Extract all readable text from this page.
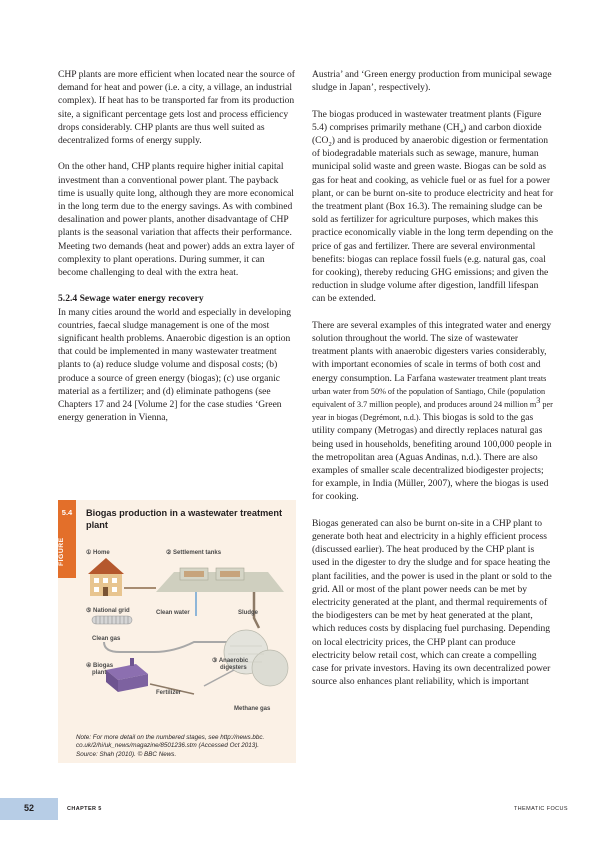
CHP plants are more efficient when located near the source of demand for heat and power (i.e. a city, a village, an industrial complex). If heat has to be transported far from its production site, a significant percentage gets lost and process efficiency drops considerably. CHP plants are thus well suited as decentralized forms of energy supply.

On the other hand, CHP plants require higher initial capital investment than a conventional power plant. The payback time is usually quite long, although they are more economical in the long term due to the energy savings. As with combined desalination and power plants, another disadvantage of CHP plants is the seasonal variation that affects their performance. Meeting two demands (heat and power) adds an extra layer of complexity to plant operations. During summer, it can become challenging to deal with the extra heat.

5.2.4 Sewage water energy recovery

In many cities around the world and especially in developing countries, faecal sludge management is one of the most significant health problems. Anaerobic digestion is an option that could be implemented in many wastewater treatment plants to (a) reduce sludge volume and disposal costs; (b) produce a source of green energy (biogas); (c) use organic material as a fertilizer; and (d) eliminate pathogens (see Chapters 17 and 24 [Volume 2] for the case studies ‘Green energy generation in Vienna,

5.4
FIGURE
Biogas production in a wastewater treatment plant
① Home	② Settlement tanks
⑤ National grid	Clean water	Sludge
Clean gas
③ Anaerobic
digesters
④ Biogas
plant
Fertilizer
Methane gas
Note: For more detail on the numbered stages, see http://news.bbc.
co.uk/2/hi/uk_news/magazine/8501236.stm (Accessed Oct 2013).
Source: Shah (2010). © BBC News.

Austria’ and ‘Green energy production from municipal sewage sludge in Japan’, respectively).

The biogas produced in wastewater treatment plants (Figure 5.4) comprises primarily methane $(CH_4)$ and carbon dioxide $(CO_2)$ and is produced by anaerobic digestion or fermentation of biodegradable materials such as sewage, manure, human municipal solid waste and green waste. Biogas can be sold as gas for heat and cooking, as vehicle fuel or as fuel for a power plant, or can be burnt on-site to produce electricity and heat for the treatment plant (Box 16.3). The remaining sludge can be sold as fertilizer for agriculture purposes, which makes this practice economically viable in the long term depending on the price of gas and fertilizer. There are several environmental benefits: biogas can replace fossil fuels (e.g. natural gas, coal for cooking), thereby reducing GHG emissions; and given the reduction in sludge volume after digestion, landfill lifespan can be extended.

There are several examples of this integrated water and energy solution throughout the world. The size of wastewater treatment plants with anaerobic digesters varies considerably, with important economies of scale in terms of both cost and energy consumption. La Farfana wastewater treatment plant treats urban water from 50% of the population of Santiago, Chile (population equivalent of 3.7 million people), and produces around 24 million $m^3$ per year in biogas (Degrémont, n.d.). This biogas is sold to the gas utility company (Metrogas) and directly replaces natural gas being used in households, benefiting around 100,000 people in the metropolitan area (Aguas Andinas, n.d.). There are also examples of smaller scale decentralized biodigester projects; for example, in India (Müller, 2007), where the biogas is used for cooking.

Biogas generated can also be burnt on-site in a CHP plant to generate both heat and electricity in a highly efficient process (discussed earlier). The heat produced by the CHP plant is used in the digester to dry the sludge and for space heating the plant facilities, and the power is used in the plant or sold to the grid. All or most of the plant power needs can be met by electricity generated at the plant, and thermal requirements of the biodigesters can be met by heat generated at the plant, which reduces costs by displacing fuel purchasing. Depending on local electricity prices, the CHP plant can produce electricity below retail cost, which can create a compelling case for private investors. Having its own decentralized power source also enhances plant reliability, which is important

52	CHAPTER 5	THEMATIC FOCUS
